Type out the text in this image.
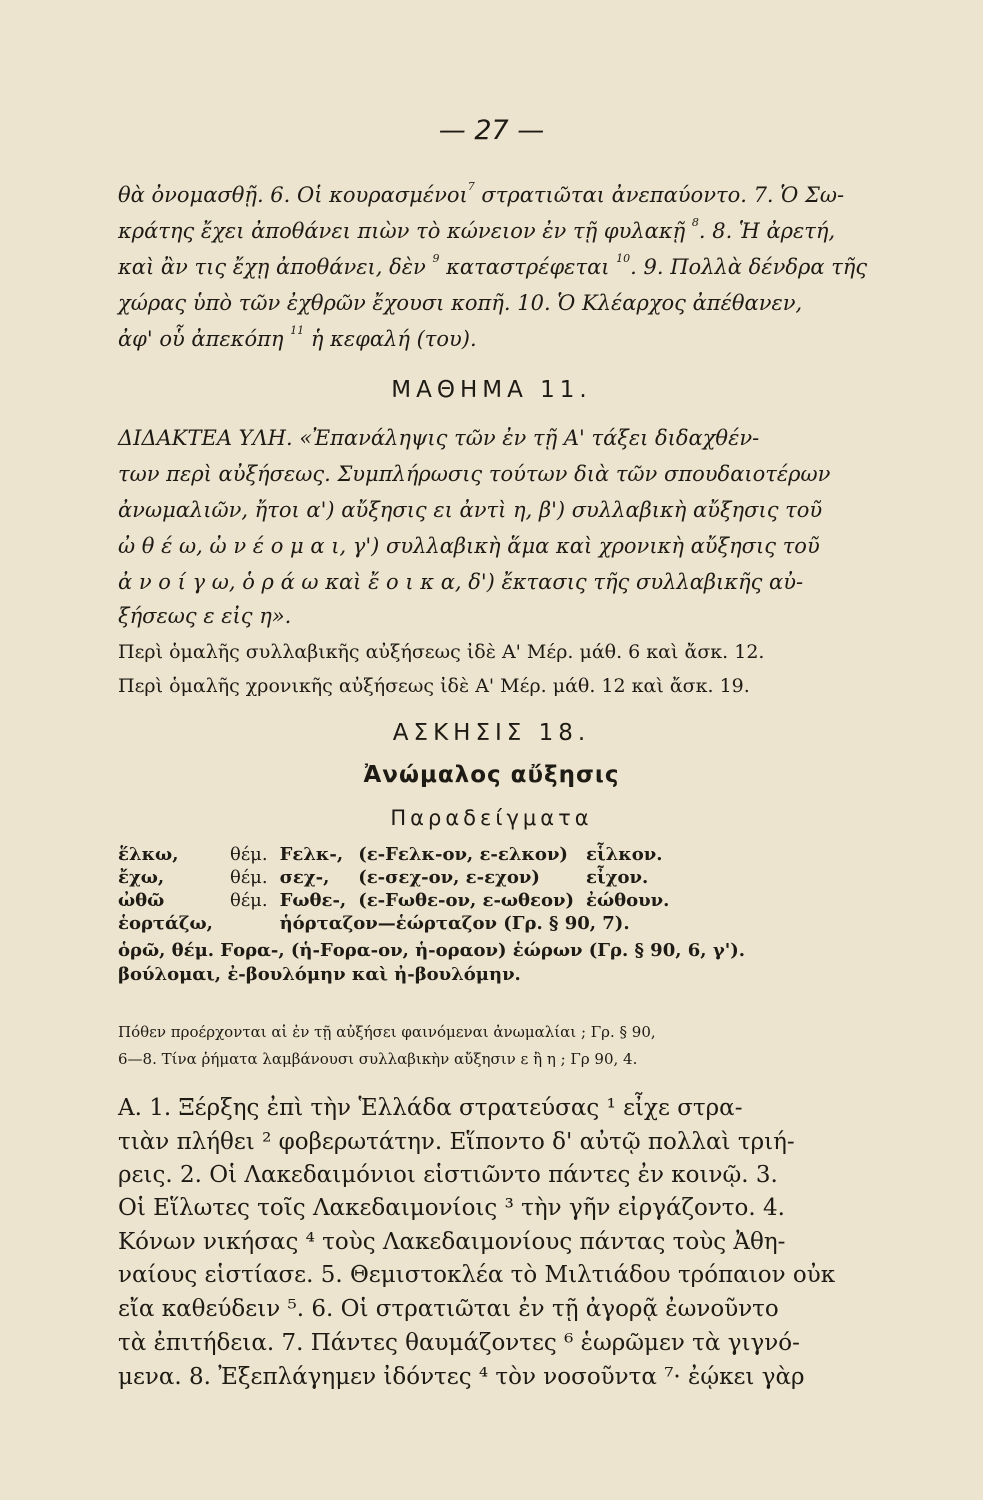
— 27 —
θὰ ὀνομασθῇ. 6. Οἱ κουρασμένοι$^7$ στρατιῶται ἀνεπαύοντο. 7. Ὁ Σω-
κράτης ἔχει ἀποθάνει πιὼν τὸ κώνειον ἐν τῇ φυλακῇ $^8$. 8. Ἡ ἀρετή,
καὶ ἂν τις ἔχῃ ἀποθάνει, δὲν $^9$ καταστρέφεται $^{10}$. 9. Πολλὰ δένδρα τῆς
χώρας ὑπὸ τῶν ἐχθρῶν ἔχουσι κοπῆ. 10. Ὁ Κλέαρχος ἀπέθανεν,
ἀφ' οὗ ἀπεκόπη $^{11}$ ἡ κεφαλή (του).
ΜΑΘΗΜΑ 11.
ΔΙΔΑΚΤΕΑ ΥΛΗ. «Ἐπανάληψις τῶν ἐν τῇ Α' τάξει διδαχθέν-
των περὶ αὐξήσεως. Συμπλήρωσις τούτων διὰ τῶν σπουδαιοτέρων
ἀνωμαλιῶν, ἤτοι α') αὔξησις ει ἀντὶ η, β') συλλαβικὴ αὔξησις τοῦ
ὠ θ έ ω, ὠ ν έ ο μ α ι, γ') συλλαβικὴ ἅμα καὶ χρονικὴ αὔξησις τοῦ
ἀ ν ο ί γ ω, ὁ ρ ά ω καὶ ἔ ο ι κ α, δ') ἔκτασις τῆς συλλαβικῆς αὐ-
ξήσεως ε εἰς η».
Περὶ ὁμαλῆς συλλαβικῆς αὐξήσεως ἰδὲ Α' Μέρ. μάθ. 6 καὶ ἄσκ. 12.
Περὶ ὁμαλῆς χρονικῆς αὐξήσεως ἰδὲ Α' Μέρ. μάθ. 12 καὶ ἄσκ. 19.
ΑΣΚΗΣΙΣ 18.
Ἀνώμαλος αὔξησις
Παραδείγματα
ἕλκω,	θέμ.	Fελκ-,	(ε-Fελκ-ον, ε-ελκον)	εἷλκον.
ἔχω,	θέμ.	σεχ-,	(ε-σεχ-ον, ε-εχον)	εἶχον.
ὠθῶ	θέμ.	Fωθε-,	(ε-Fωθε-ον, ε-ωθεον)	ἐώθουν.
ἑορτάζω,		ἡόρταζον—ἑώρταζον (Γρ. § 90, 7).		
ὁρῶ, θέμ. Fορα-, (ἡ-Fορα-ον, ἡ-οραον) ἑώρων (Γρ. § 90, 6, γ').
βούλομαι, ἐ-βουλόμην καὶ ἠ-βουλόμην.
Πόθεν προέρχονται αἱ ἐν τῇ αὐξήσει φαινόμεναι ἀνωμαλίαι ; Γρ. § 90,
6—8. Τίνα ῥήματα λαμβάνουσι συλλαβικὴν αὔξησιν ε ἢ η ; Γρ 90, 4.
Α. 1. Ξέρξης ἐπὶ τὴν Ἑλλάδα στρατεύσας ¹ εἶχε στρα-
τιὰν πλήθει ² φοβερωτάτην. Εἵποντο δ' αὐτῷ πολλαὶ τριή-
ρεις. 2. Οἱ Λακεδαιμόνιοι εἱστιῶντο πάντες ἐν κοινῷ. 3.
Οἱ Εἵλωτες τοῖς Λακεδαιμονίοις ³ τὴν γῆν εἰργάζοντο. 4.
Κόνων νικήσας ⁴ τοὺς Λακεδαιμονίους πάντας τοὺς Ἀθη-
ναίους εἱστίασε. 5. Θεμιστοκλέα τὸ Μιλτιάδου τρόπαιον οὐκ
εἴα καθεύδειν ⁵. 6. Οἱ στρατιῶται ἐν τῇ ἀγορᾷ ἐωνοῦντο
τὰ ἐπιτήδεια. 7. Πάντες θαυμάζοντες ⁶ ἑωρῶμεν τὰ γιγνό-
μενα. 8. Ἐξεπλάγημεν ἰδόντες ⁴ τὸν νοσοῦντα ⁷· ἐῴκει γὰρ
